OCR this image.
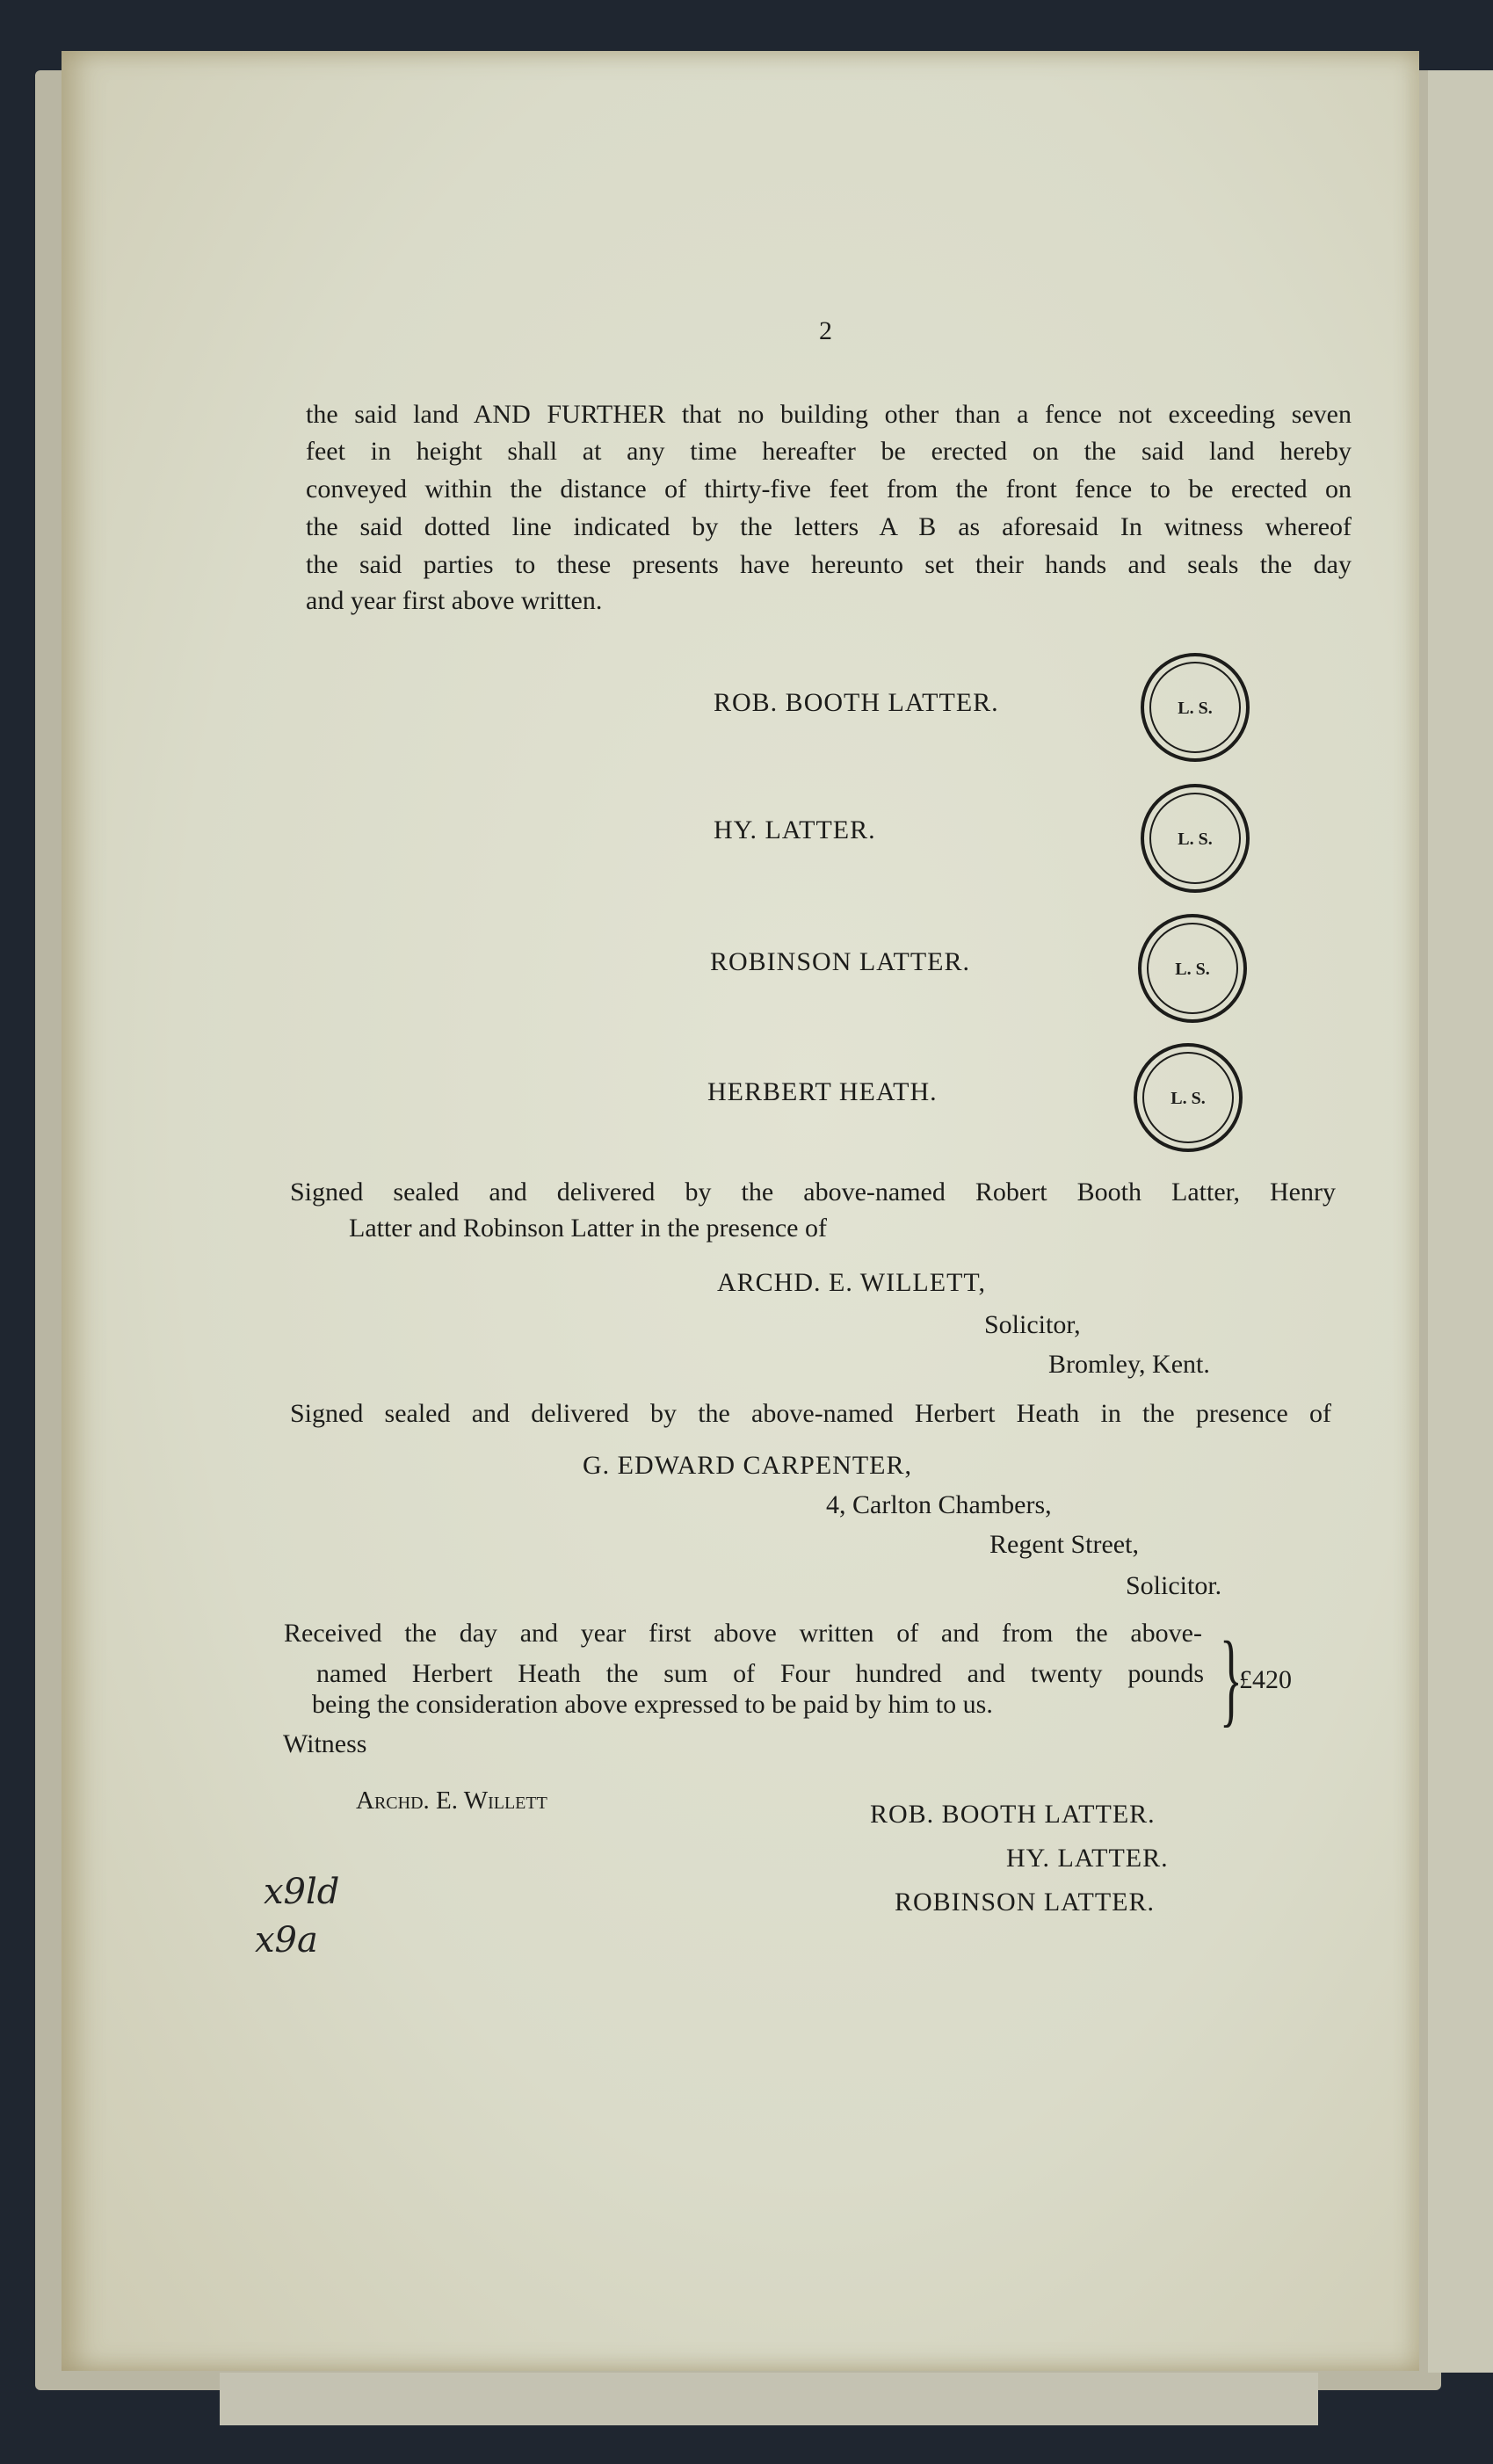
2
the said land AND FURTHER that no building other than a fence not exceeding seven
feet in height shall at any time hereafter be erected on the said land hereby
conveyed within the distance of thirty-five feet from the front fence to be erected on
the said dotted line indicated by the letters A B as aforesaid In witness whereof
the said parties to these presents have hereunto set their hands and seals the day
and year first above written.
ROB. BOOTH LATTER.	L. S.
HY. LATTER.	L. S.
ROBINSON LATTER.	L. S.
HERBERT HEATH.	L. S.
Signed sealed and delivered by the above-named Robert Booth Latter, Henry
Latter and Robinson Latter in the presence of
ARCHD. E. WILLETT,
Solicitor,
Bromley, Kent.
Signed sealed and delivered by the above-named Herbert Heath in the presence of
G. EDWARD CARPENTER,
4, Carlton Chambers,
Regent Street,
Solicitor.
Received the day and year first above written of and from the above-
named Herbert Heath the sum of Four hundred and twenty pounds
being the consideration above expressed to be paid by him to us. }
£420
Witness
Archd. E. Willett	ROB. BOOTH LATTER.
HY. LATTER.
ROBINSON LATTER.
x9ld
x9a
